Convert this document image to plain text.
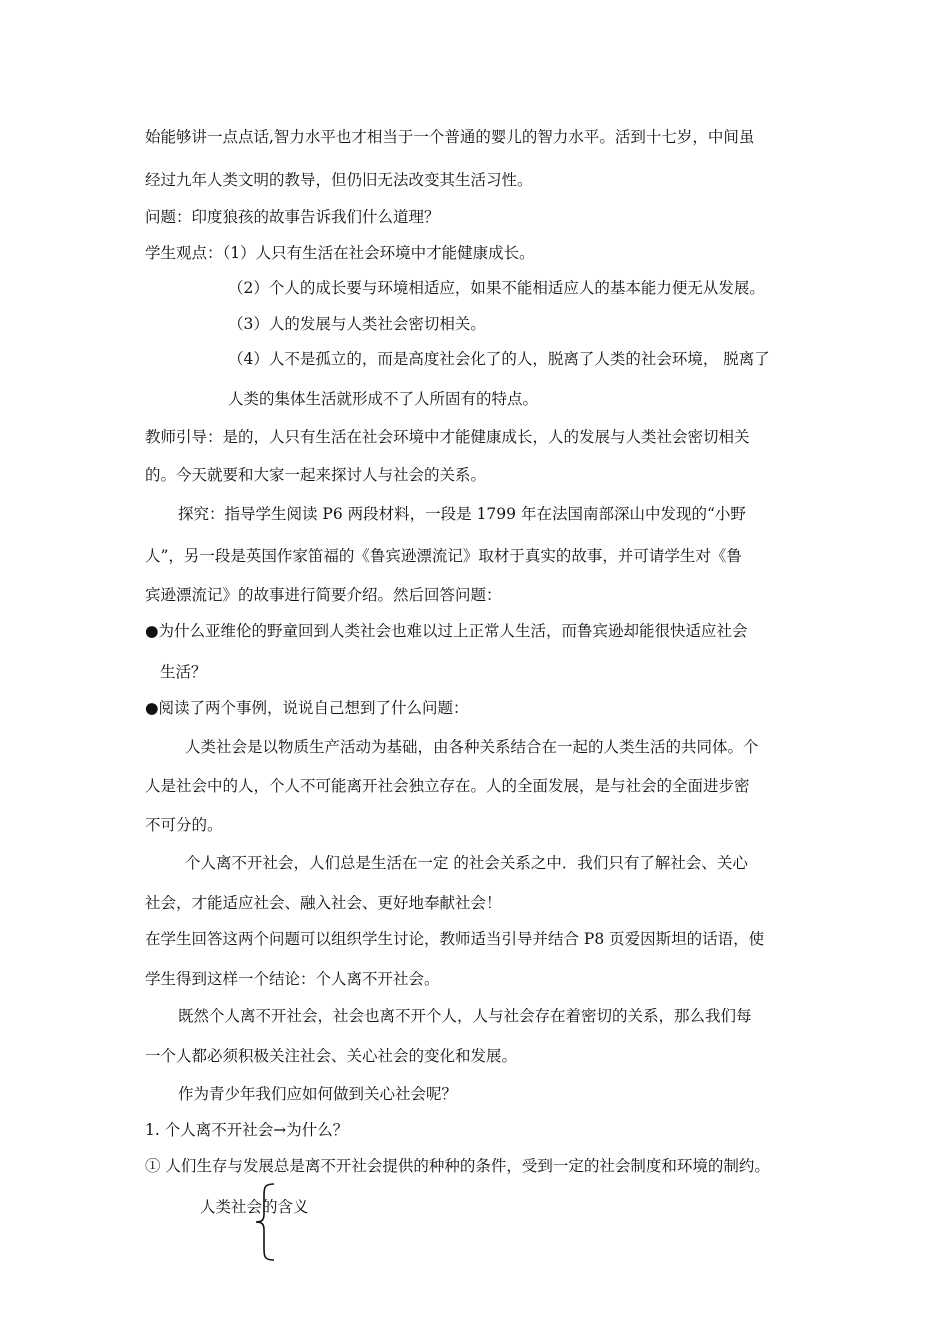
始能够讲一点点话,智力水平也才相当于一个普通的婴儿的智力水平。活到十七岁，中间虽
经过九年人类文明的教导，但仍旧无法改变其生活习性。
问题：印度狼孩的故事告诉我们什么道理？
学生观点：（1）人只有生活在社会环境中才能健康成长。
（2）个人的成长要与环境相适应，如果不能相适应人的基本能力便无从发展。
（3）人的发展与人类社会密切相关。
（4）人不是孤立的，而是高度社会化了的人，脱离了人类的社会环境， 脱离了
人类的集体生活就形成不了人所固有的特点。
教师引导：是的，人只有生活在社会环境中才能健康成长，人的发展与人类社会密切相关
的。今天就要和大家一起来探讨人与社会的关系。
探究：指导学生阅读 P6 两段材料，一段是 1799 年在法国南部深山中发现的“小野
人”，另一段是英国作家笛福的《鲁宾逊漂流记》取材于真实的故事，并可请学生对《鲁
宾逊漂流记》的故事进行简要介绍。然后回答问题：
●为什么亚维伦的野童回到人类社会也难以过上正常人生活，而鲁宾逊却能很快适应社会
生活？
●阅读了两个事例，说说自己想到了什么问题：
人类社会是以物质生产活动为基础，由各种关系结合在一起的人类生活的共同体。个
人是社会中的人，个人不可能离开社会独立存在。人的全面发展，是与社会的全面进步密
不可分的。
个人离不开社会，人们总是生活在一定 的社会关系之中．我们只有了解社会、关心
社会，才能适应社会、融入社会、更好地奉献社会！
在学生回答这两个问题可以组织学生讨论，教师适当引导并结合 P8 页爱因斯坦的话语，使
学生得到这样一个结论：个人离不开社会。
既然个人离不开社会，社会也离不开个人，人与社会存在着密切的关系，那么我们每
一个人都必须积极关注社会、关心社会的变化和发展。
作为青少年我们应如何做到关心社会呢？
1. 个人离不开社会→为什么？
① 人们生存与发展总是离不开社会提供的种种的条件，受到一定的社会制度和环境的制约。
人类社会的含义
